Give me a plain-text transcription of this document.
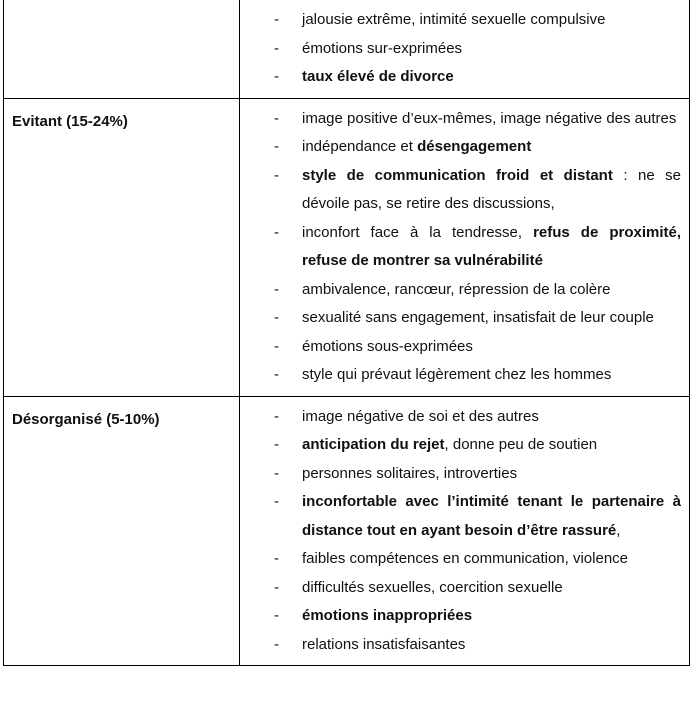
-	jalousie extrême, intimité sexuelle compulsive
-	émotions sur-exprimées
-	taux élevé de divorce
Evitant (15-24%)	-	image positive d’eux-mêmes, image négative des autres
-	indépendance et désengagement
-	style de communication froid et distant : ne se dévoile pas, se retire des discussions,
-	inconfort face à la tendresse, refus de proximité, refuse de montrer sa vulnérabilité
-	ambivalence, rancœur, répression de la colère
-	sexualité sans engagement, insatisfait de leur couple
-	émotions sous-exprimées
-	style qui prévaut légèrement chez les hommes
Désorganisé (5-10%)	-	image négative de soi et des autres
-	anticipation du rejet, donne peu de soutien
-	personnes solitaires, introverties
-	inconfortable avec l’intimité tenant le partenaire à distance tout en ayant besoin d’être rassuré,
-	faibles compétences en communication, violence
-	difficultés sexuelles, coercition sexuelle
-	émotions inappropriées
-	relations insatisfaisantes
